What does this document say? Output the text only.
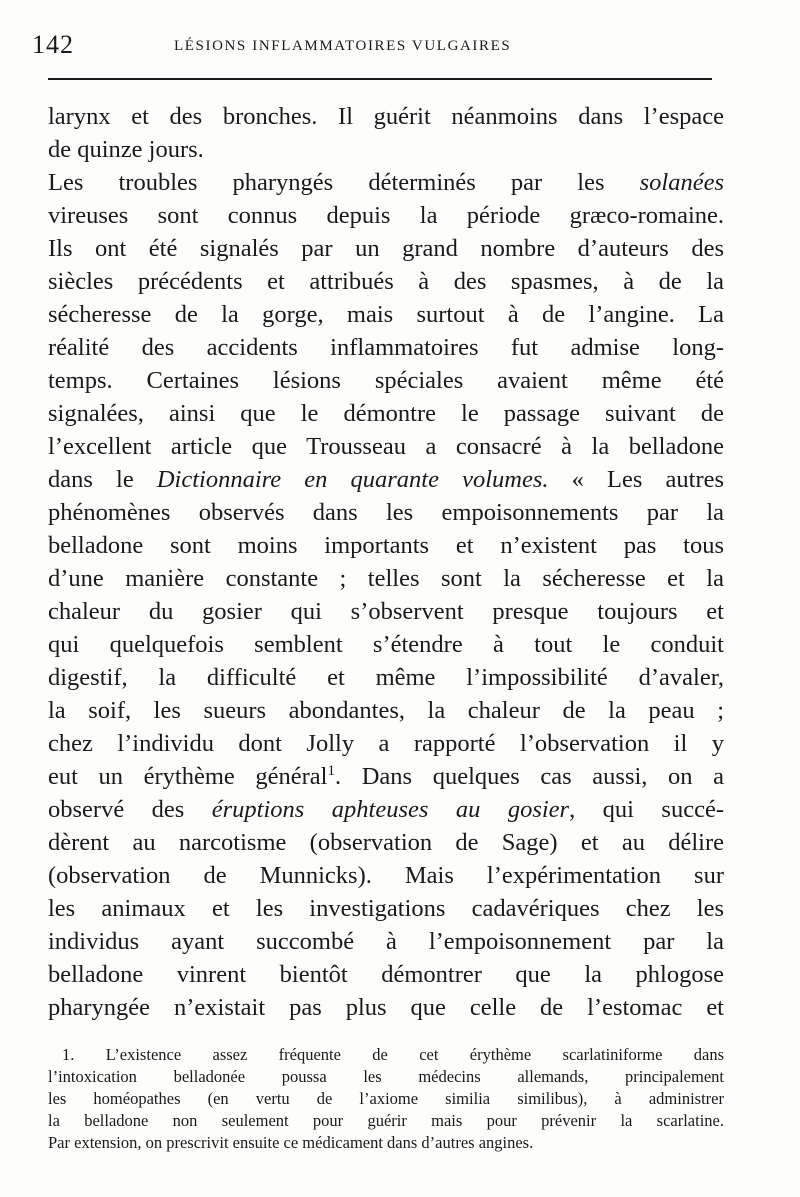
142	LÉSIONS INFLAMMATOIRES VULGAIRES
larynx et des bronches. Il guérit néanmoins dans l’espace
de quinze jours.
Les troubles pharyngés déterminés par les solanées
vireuses sont connus depuis la période græco-romaine.
Ils ont été signalés par un grand nombre d’auteurs des
siècles précédents et attribués à des spasmes, à de la
sécheresse de la gorge, mais surtout à de l’angine. La
réalité des accidents inflammatoires fut admise long-
temps. Certaines lésions spéciales avaient même été
signalées, ainsi que le démontre le passage suivant de
l’excellent article que Trousseau a consacré à la belladone
dans le Dictionnaire en quarante volumes. « Les autres
phénomènes observés dans les empoisonnements par la
belladone sont moins importants et n’existent pas tous
d’une manière constante ; telles sont la sécheresse et la
chaleur du gosier qui s’observent presque toujours et
qui quelquefois semblent s’étendre à tout le conduit
digestif, la difficulté et même l’impossibilité d’avaler,
la soif, les sueurs abondantes, la chaleur de la peau ;
chez l’individu dont Jolly a rapporté l’observation il y
eut un érythème général$^1$. Dans quelques cas aussi, on a
observé des éruptions aphteuses au gosier, qui succé-
dèrent au narcotisme (observation de Sage) et au délire
(observation de Munnicks). Mais l’expérimentation sur
les animaux et les investigations cadavériques chez les
individus ayant succombé à l’empoisonnement par la
belladone vinrent bientôt démontrer que la phlogose
pharyngée n’existait pas plus que celle de l’estomac et
1. L’existence assez fréquente de cet érythème scarlatiniforme dans
l’intoxication belladonée poussa les médecins allemands, principalement
les homéopathes (en vertu de l’axiome similia similibus), à administrer
la belladone non seulement pour guérir mais pour prévenir la scarlatine.
Par extension, on prescrivit ensuite ce médicament dans d’autres angines.
